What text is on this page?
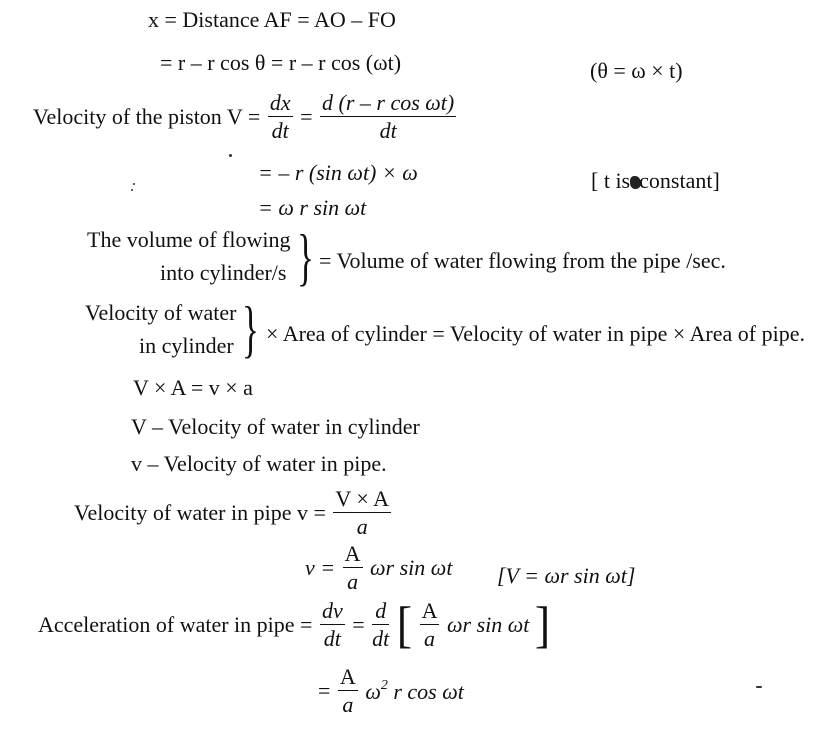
x = Distance AF = AO – FO
= r – r cos θ = r – r cos (ωt)	(θ = ω × t)
Velocity of the piston $V = \frac{dx}{dt} = \frac{\text{d (r – r cos ωt)}}{dt}$
= – r (sin ωt) × ω	[ t is constant]
= ω r sin ωt
The volume of flowing
into cylinder/s } = Volume of water flowing from the pipe /sec.
Velocity of water
in cylinder } × Area of cylinder = Velocity of water in pipe × Area of pipe.
V × A = v × a
V – Velocity of water in cylinder
v – Velocity of water in pipe.
Velocity of water in pipe $v = \frac{V \times A}{a}$
$v = \frac{A}{a}$ ωr sin ωt [V = ωr sin ωt]
Acceleration of water in pipe = $\frac{dv}{dt} = \frac{d}{dt}$ [ $\frac{A}{a}$ ωr sin ωt ]
= $\frac{A}{a} \omega^2$ r cos ωt
